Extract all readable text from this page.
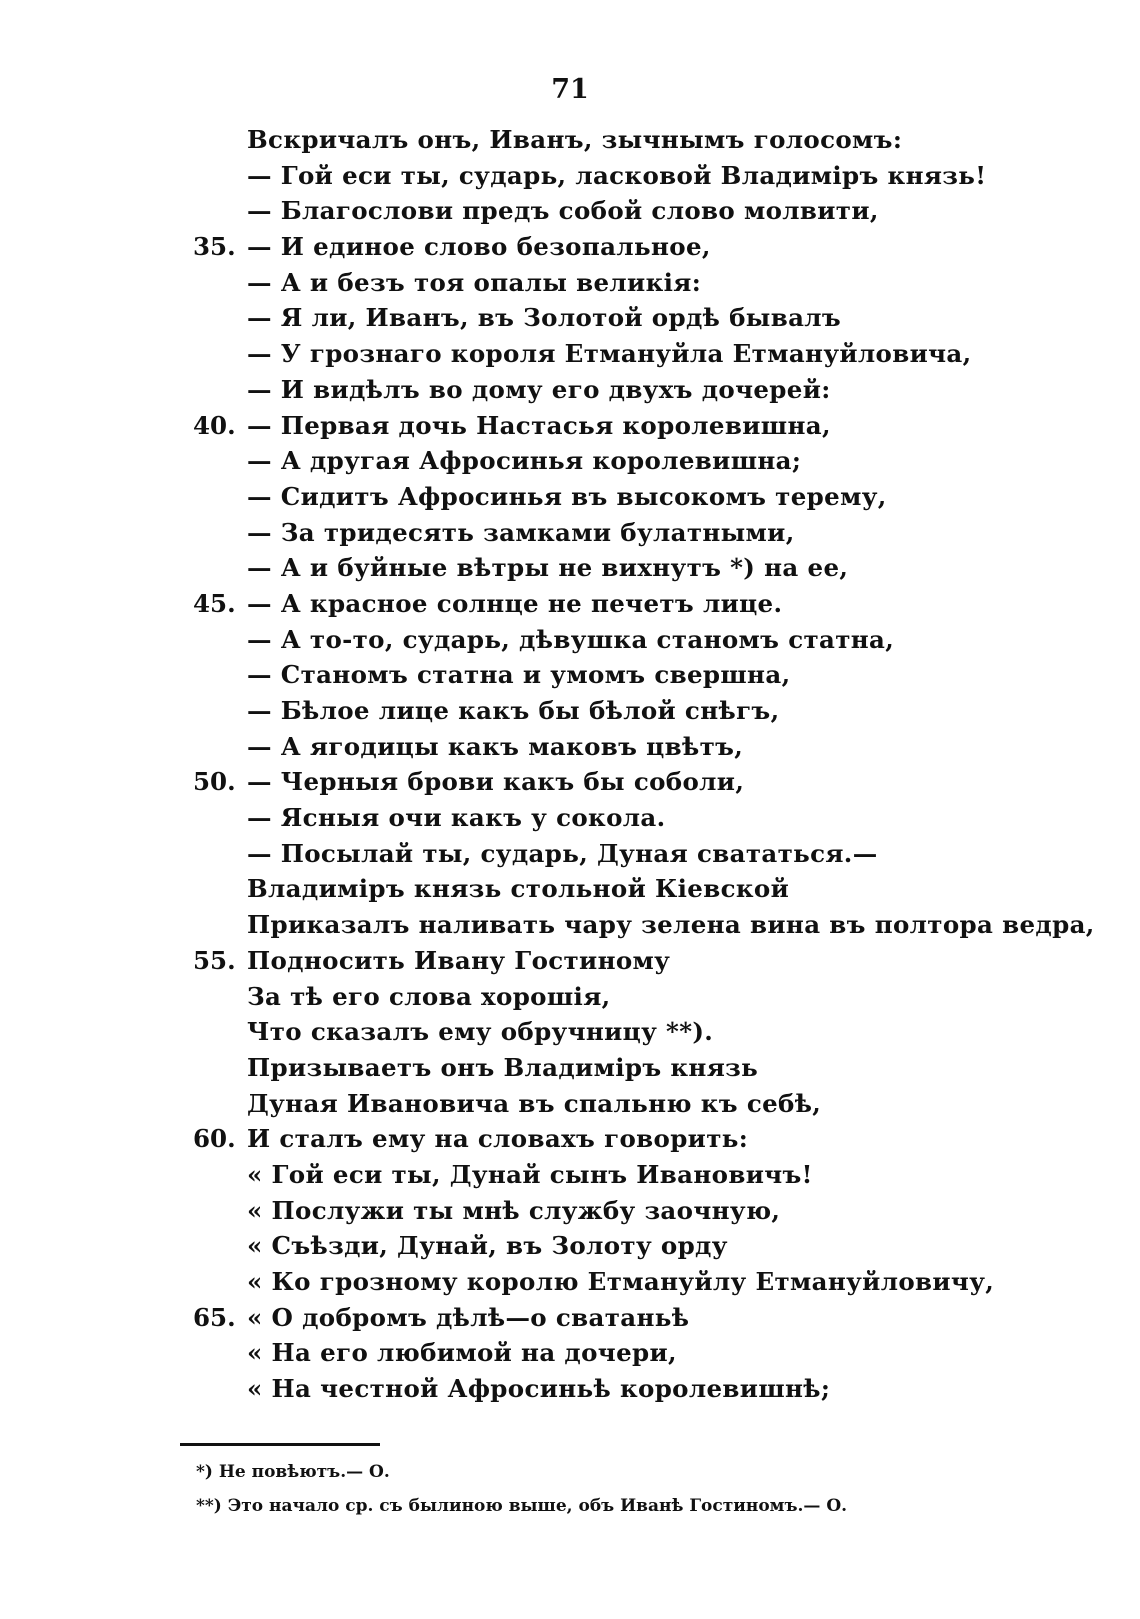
71
Вскричалъ онъ, Иванъ, зычнымъ голосомъ:
— Гой еси ты, сударь, ласковой Владиміръ князь!
— Благослови предъ собой слово молвити,
35. — И единое слово безопальное,
— А и безъ тоя опалы великія:
— Я ли, Иванъ, въ Золотой ордѣ бывалъ
— У грознаго короля Етмануйла Етмануйловича,
— И видѣлъ во дому его двухъ дочерей:
40. — Первая дочь Настасья королевишна,
— А другая Афросинья королевишна;
— Сидитъ Афросинья въ высокомъ терему,
— За тридесять замками булатными,
— А и буйные вѣтры не вихнутъ *) на ее,
45. — А красное солнце не печетъ лице.
— А то-то, сударь, дѣвушка станомъ статна,
— Станомъ статна и умомъ свершна,
— Бѣлое лице какъ бы бѣлой снѣгъ,
— А ягодицы какъ маковъ цвѣтъ,
50. — Черныя брови какъ бы соболи,
— Ясныя очи какъ у сокола.
— Посылай ты, сударь, Дуная свататься.—
Владиміръ князь стольной Кіевской
Приказалъ наливать чару зелена вина въ полтора ведра,
55. Подносить Ивану Гостиному
За тѣ его слова хорошія,
Что сказалъ ему обручницу **).
Призываетъ онъ Владиміръ князь
Дуная Ивановича въ спальню къ себѣ,
60. И сталъ ему на словахъ говорить:
« Гой еси ты, Дунай сынъ Ивановичъ!
« Послужи ты мнѣ службу заочную,
« Съѣзди, Дунай, въ Золоту орду
« Ко грозному королю Етмануйлу Етмануйловичу,
65. « О добромъ дѣлѣ—о сватаньѣ
« На его любимой на дочери,
« На честной Афросиньѣ королевишнѣ;
*) Не повѣютъ.— О.
**) Это начало ср. съ былиною выше, объ Иванѣ Гостиномъ.— О.
